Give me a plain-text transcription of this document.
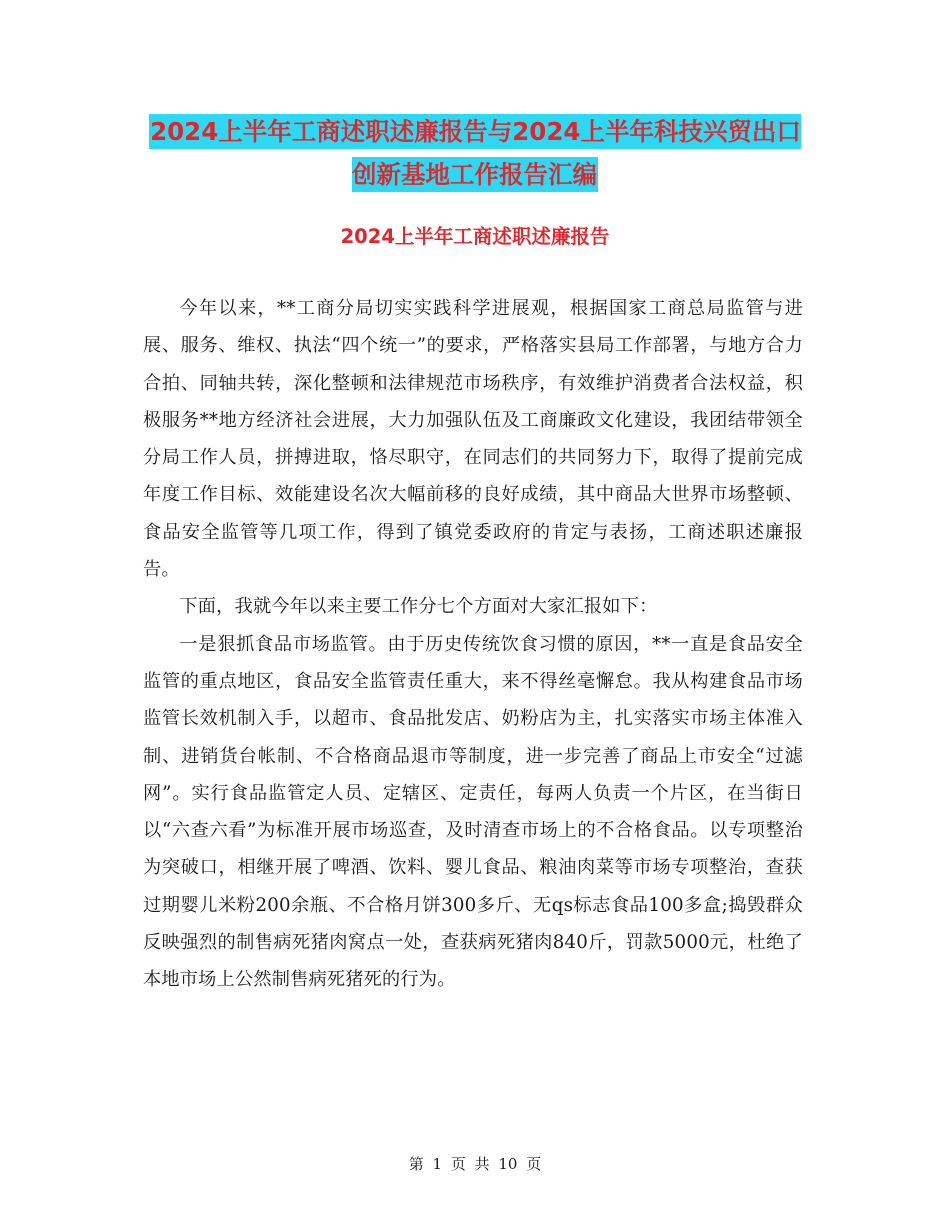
2024上半年工商述职述廉报告与2024上半年科技兴贸出口创新基地工作报告汇编
2024上半年工商述职述廉报告

今年以来，**工商分局切实实践科学进展观，根据国家工商总局监管与进展、服务、维权、执法“四个统一”的要求，严格落实县局工作部署，与地方合力合拍、同轴共转，深化整顿和法律规范市场秩序，有效维护消费者合法权益，积极服务**地方经济社会进展，大力加强队伍及工商廉政文化建设，我团结带领全分局工作人员，拼搏进取，恪尽职守，在同志们的共同努力下，取得了提前完成年度工作目标、效能建设名次大幅前移的良好成绩，其中商品大世界市场整顿、食品安全监管等几项工作，得到了镇党委政府的肯定与表扬，工商述职述廉报告。

下面，我就今年以来主要工作分七个方面对大家汇报如下：

一是狠抓食品市场监管。由于历史传统饮食习惯的原因，**一直是食品安全监管的重点地区，食品安全监管责任重大，来不得丝毫懈怠。我从构建食品市场监管长效机制入手，以超市、食品批发店、奶粉店为主，扎实落实市场主体准入制、进销货台帐制、不合格商品退市等制度，进一步完善了商品上市安全“过滤网”。实行食品监管定人员、定辖区、定责任，每两人负责一个片区，在当街日以“六查六看”为标准开展市场巡查，及时清查市场上的不合格食品。以专项整治为突破口，相继开展了啤酒、饮料、婴儿食品、粮油肉菜等市场专项整治，查获过期婴儿米粉200余瓶、不合格月饼300多斤、无qs标志食品100多盒;捣毁群众反映强烈的制售病死猪肉窝点一处，查获病死猪肉840斤，罚款5000元，杜绝了本地市场上公然制售病死猪死的行为。

第 1 页 共 10 页
